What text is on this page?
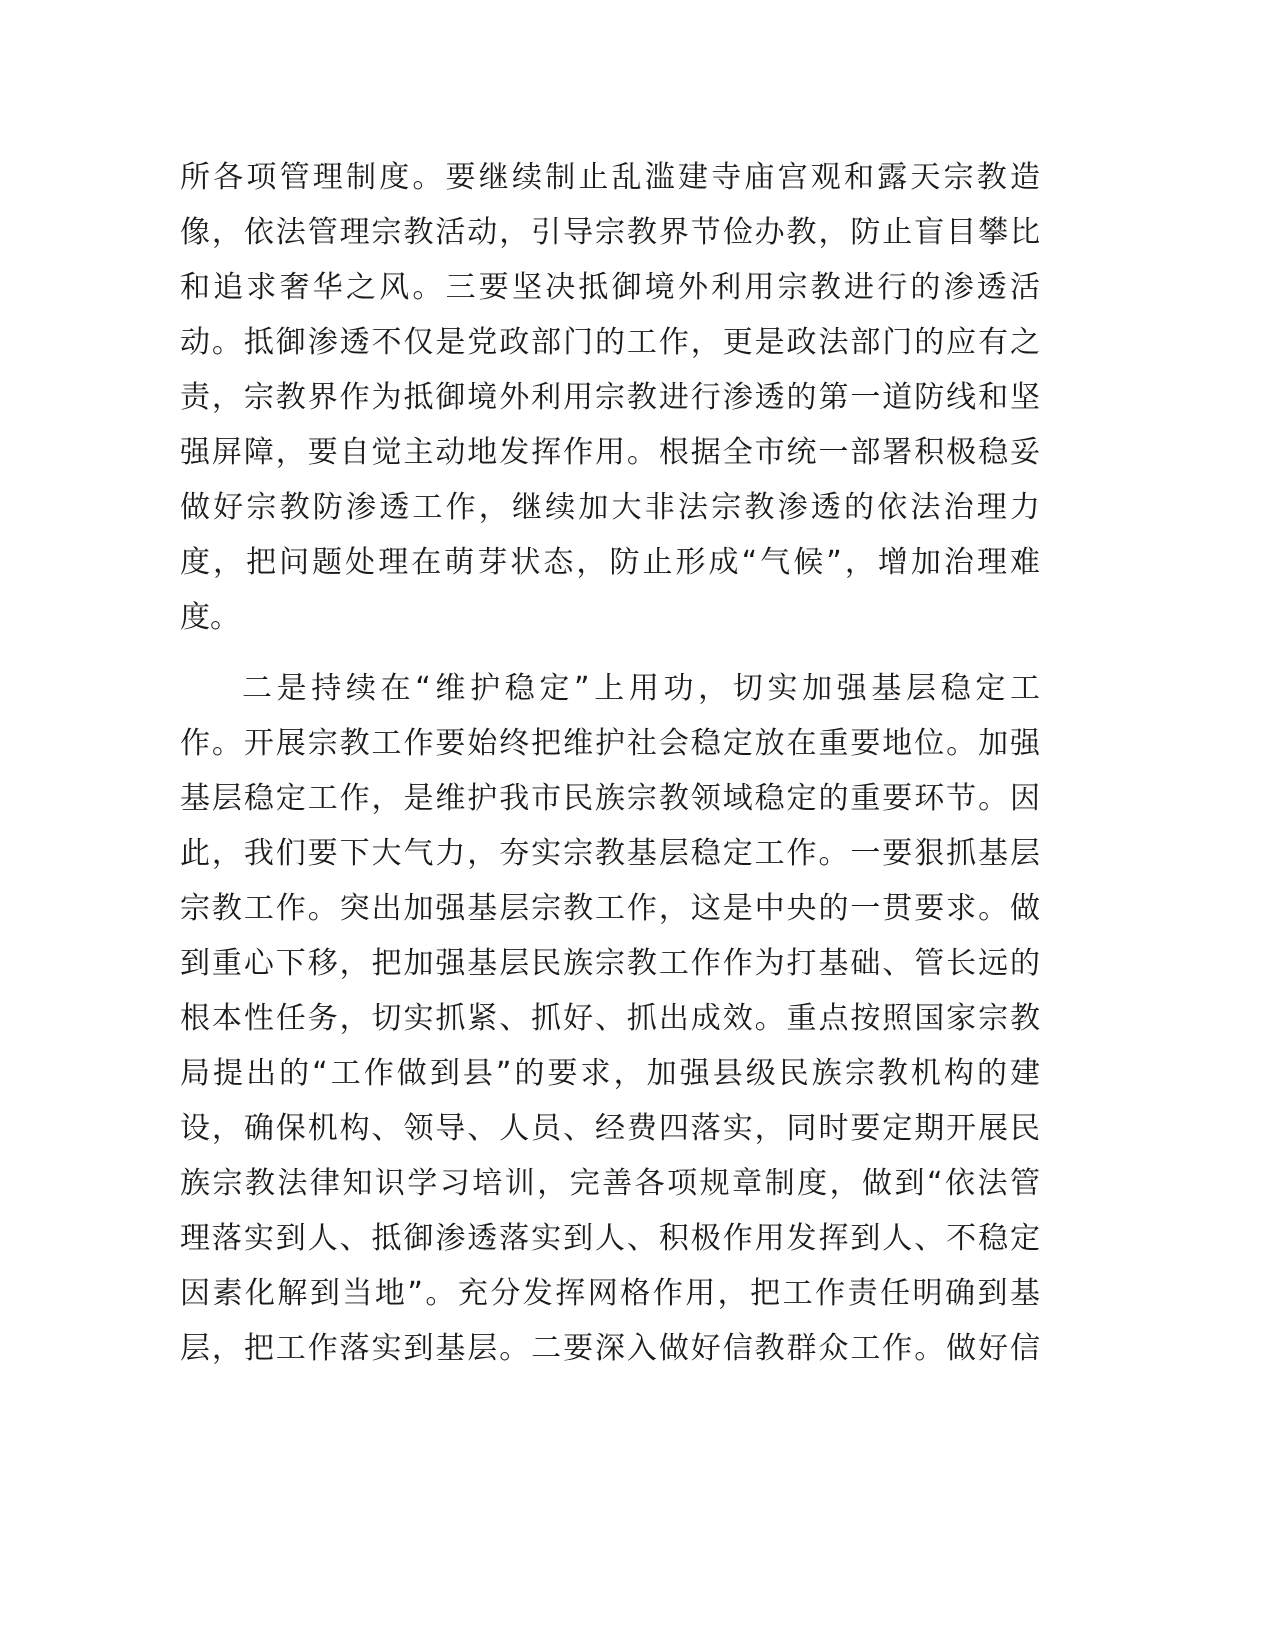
所各项管理制度。要继续制止乱滥建寺庙宫观和露天宗教造
像，依法管理宗教活动，引导宗教界节俭办教，防止盲目攀比
和追求奢华之风。三要坚决抵御境外利用宗教进行的渗透活
动。抵御渗透不仅是党政部门的工作，更是政法部门的应有之
责，宗教界作为抵御境外利用宗教进行渗透的第一道防线和坚
强屏障，要自觉主动地发挥作用。根据全市统一部署积极稳妥
做好宗教防渗透工作，继续加大非法宗教渗透的依法治理力
度，把问题处理在萌芽状态，防止形成“气候”，增加治理难
度。
二是持续在“维护稳定”上用功，切实加强基层稳定工
作。开展宗教工作要始终把维护社会稳定放在重要地位。加强
基层稳定工作，是维护我市民族宗教领域稳定的重要环节。因
此，我们要下大气力，夯实宗教基层稳定工作。一要狠抓基层
宗教工作。突出加强基层宗教工作，这是中央的一贯要求。做
到重心下移，把加强基层民族宗教工作作为打基础、管长远的
根本性任务，切实抓紧、抓好、抓出成效。重点按照国家宗教
局提出的“工作做到县”的要求，加强县级民族宗教机构的建
设，确保机构、领导、人员、经费四落实，同时要定期开展民
族宗教法律知识学习培训，完善各项规章制度，做到“依法管
理落实到人、抵御渗透落实到人、积极作用发挥到人、不稳定
因素化解到当地”。充分发挥网格作用，把工作责任明确到基
层，把工作落实到基层。二要深入做好信教群众工作。做好信
